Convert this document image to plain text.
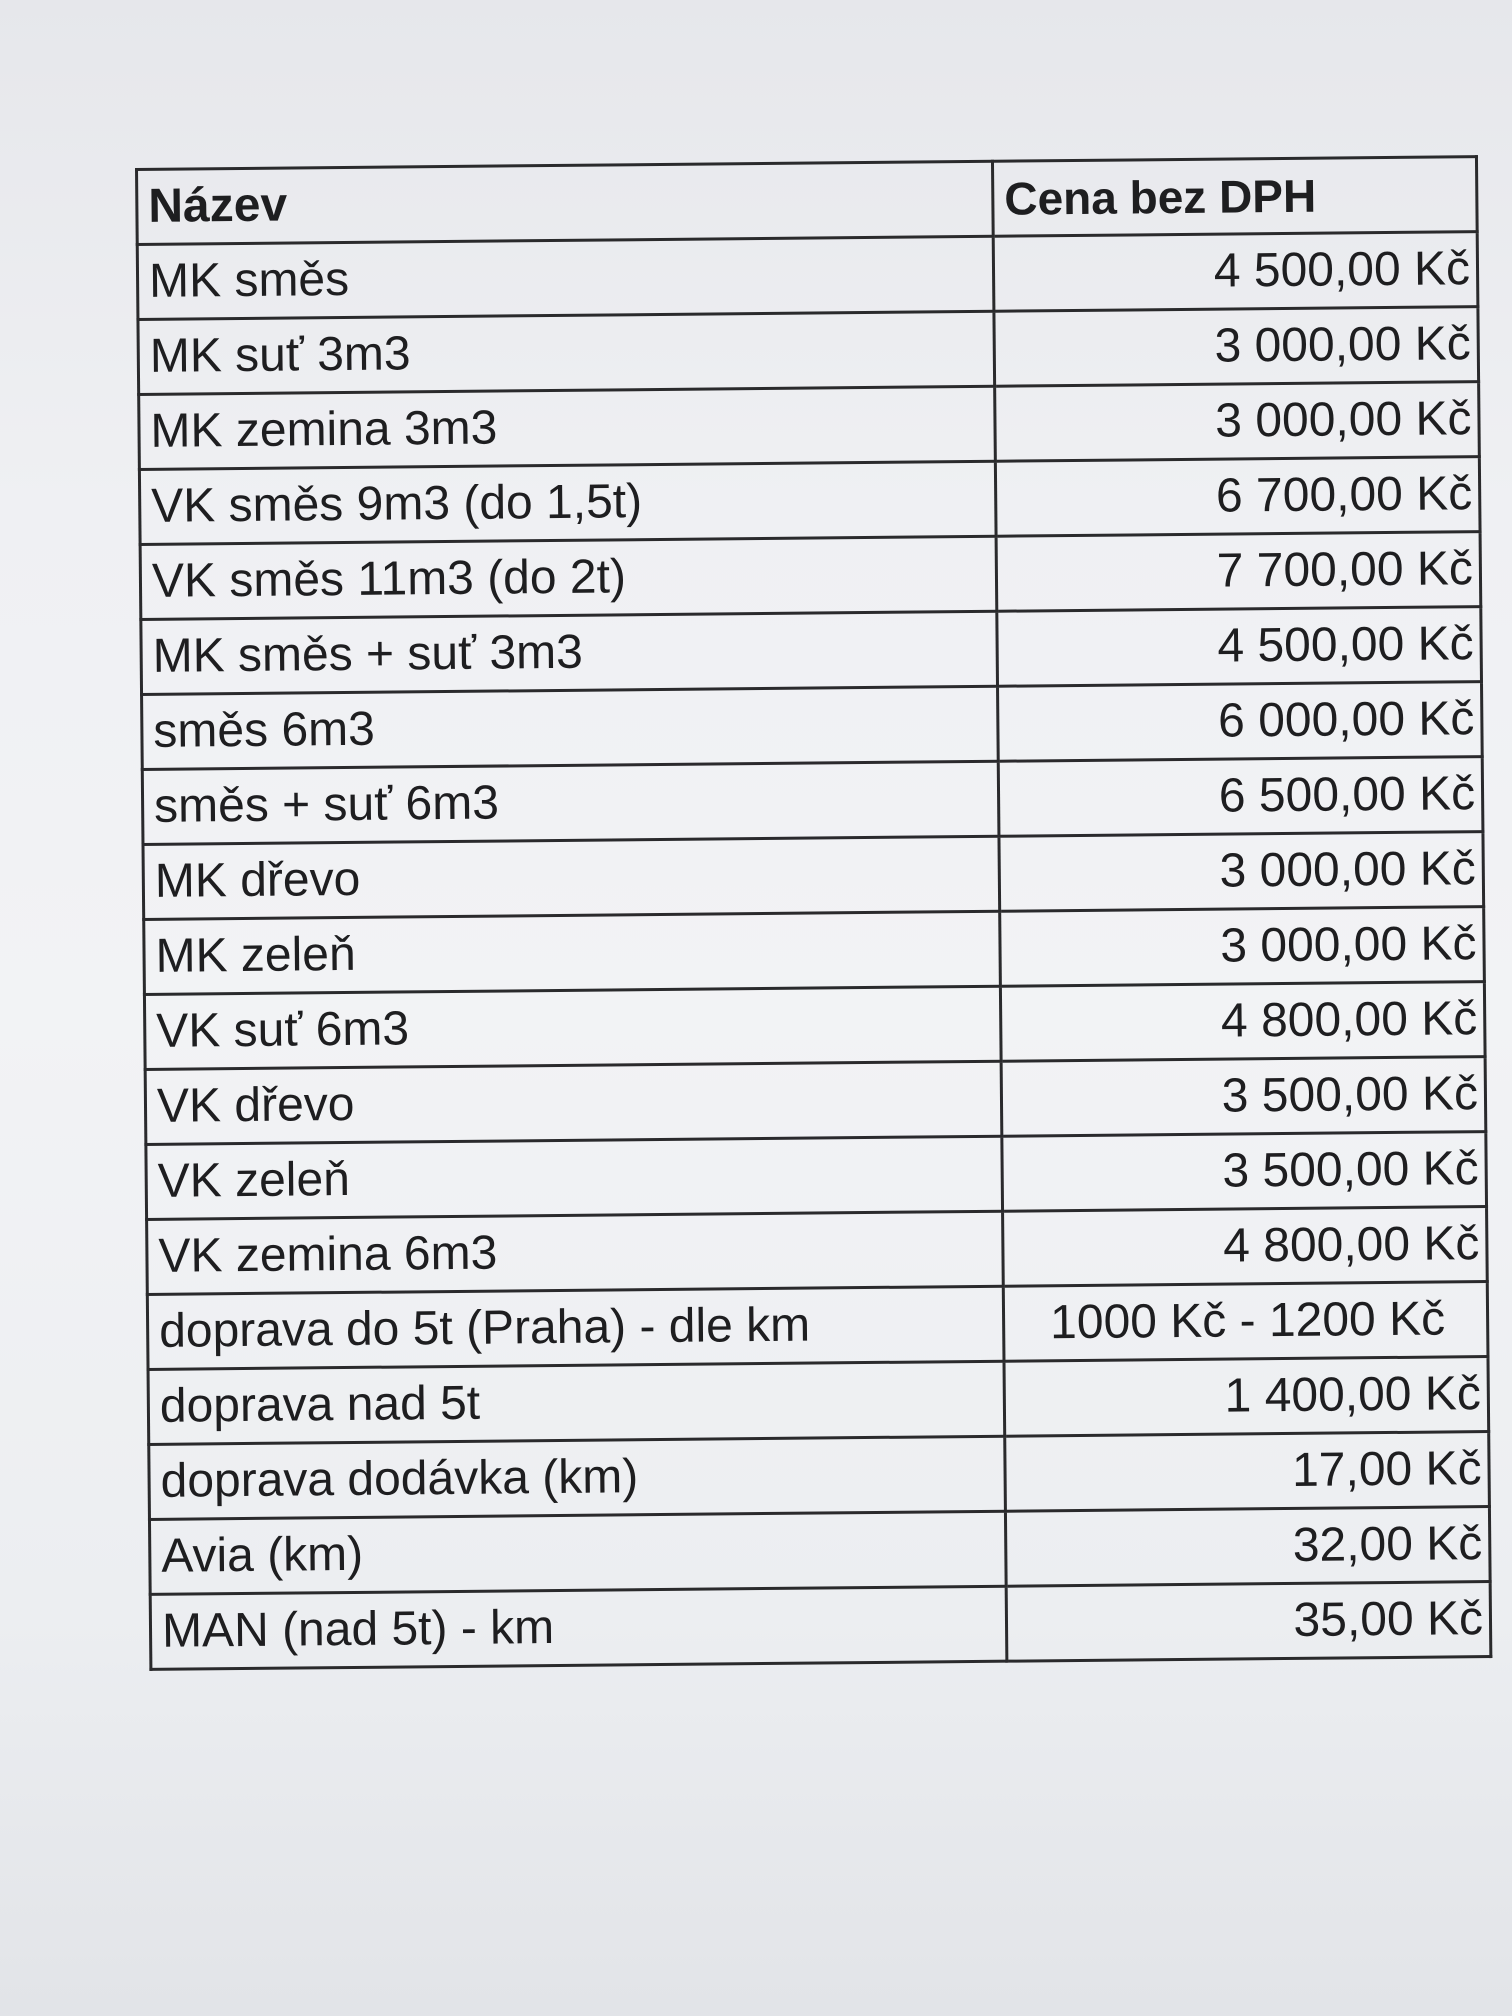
Název	Cena bez DPH
MK směs	4 500,00 Kč
MK suť 3m3	3 000,00 Kč
MK zemina 3m3	3 000,00 Kč
VK směs 9m3 (do 1,5t)	6 700,00 Kč
VK směs 11m3 (do 2t)	7 700,00 Kč
MK směs + suť 3m3	4 500,00 Kč
směs 6m3	6 000,00 Kč
směs + suť 6m3	6 500,00 Kč
MK dřevo	3 000,00 Kč
MK zeleň	3 000,00 Kč
VK suť 6m3	4 800,00 Kč
VK dřevo	3 500,00 Kč
VK zeleň	3 500,00 Kč
VK zemina 6m3	4 800,00 Kč
doprava do 5t (Praha) - dle km	1000 Kč - 1200 Kč
doprava nad 5t	1 400,00 Kč
doprava dodávka (km)	17,00 Kč
Avia (km)	32,00 Kč
MAN (nad 5t) - km	35,00 Kč
